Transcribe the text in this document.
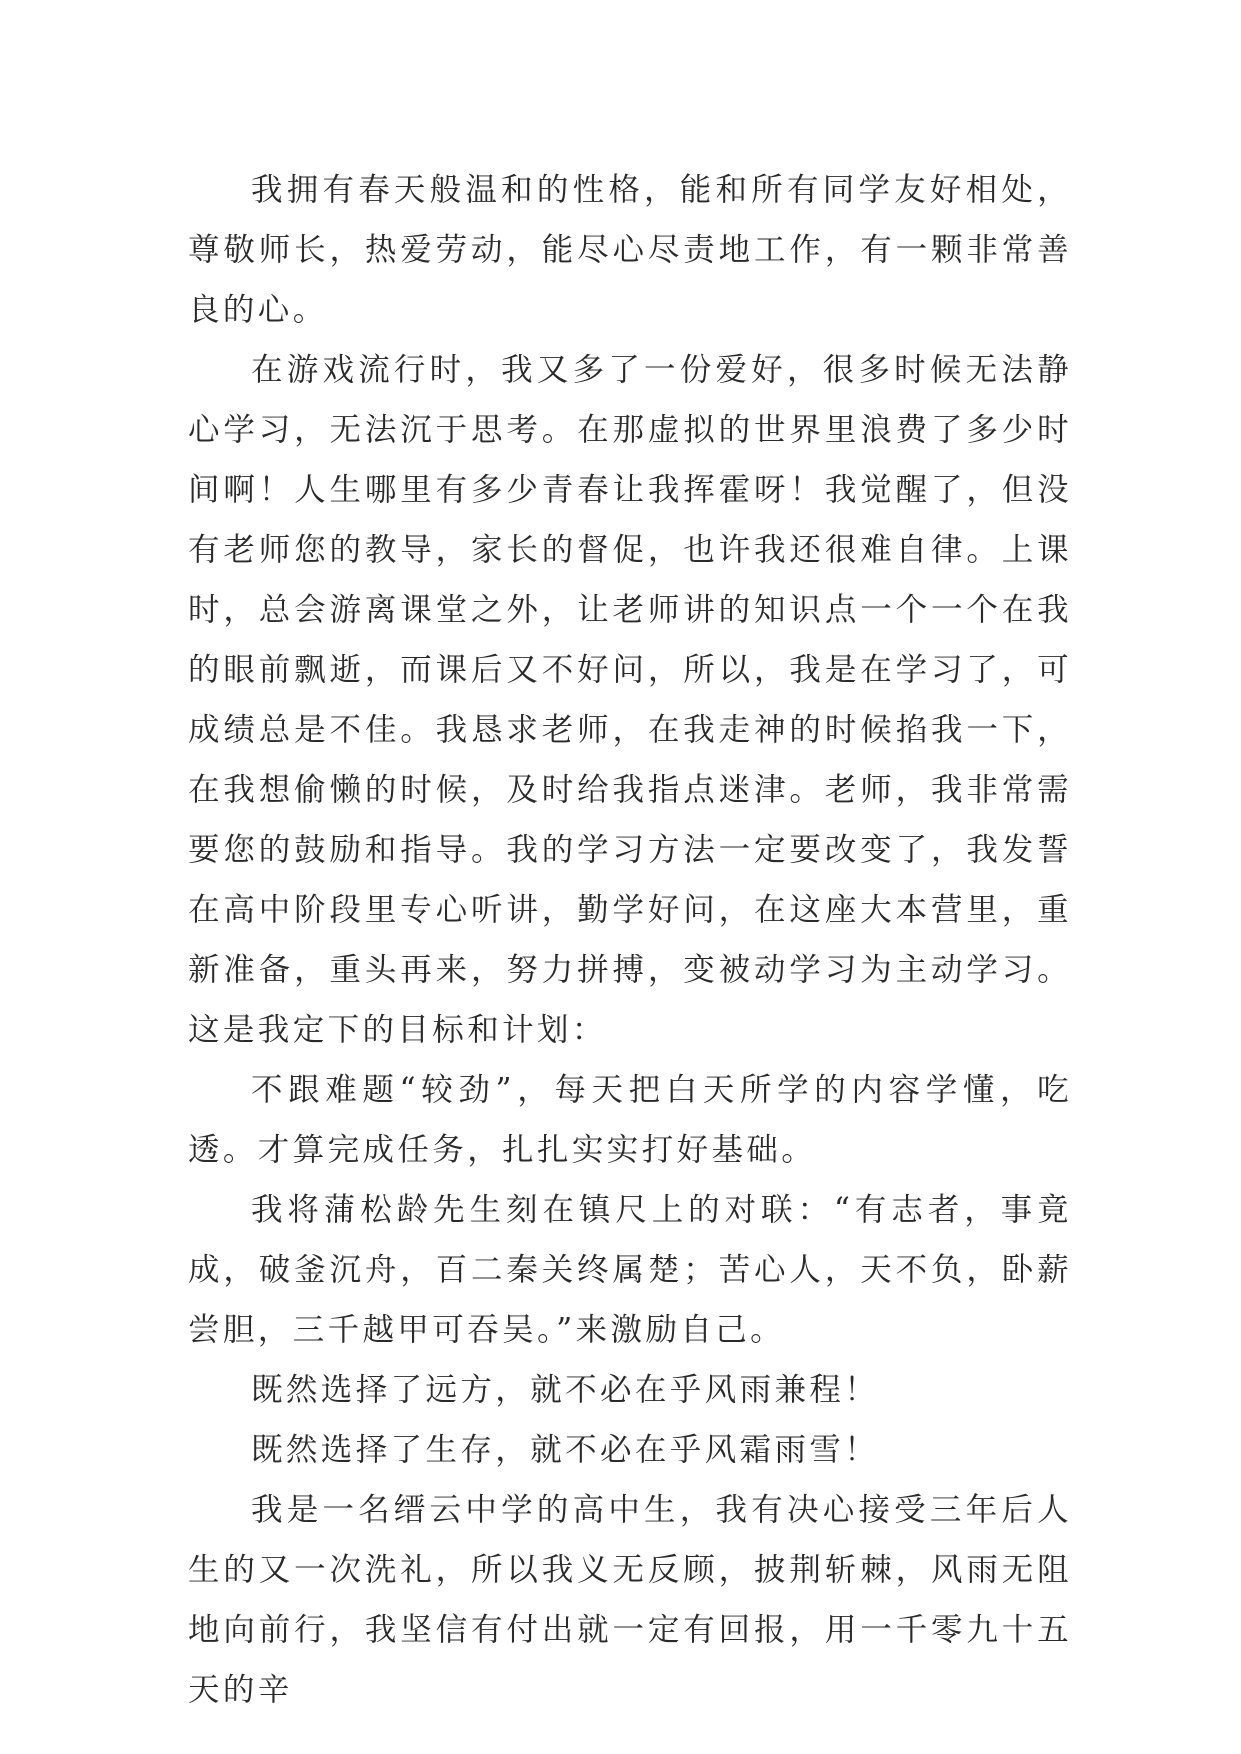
我拥有春天般温和的性格，能和所有同学友好相处，尊敬师长，热爱劳动，能尽心尽责地工作，有一颗非常善良的心。

在游戏流行时，我又多了一份爱好，很多时候无法静心学习，无法沉于思考。在那虚拟的世界里浪费了多少时间啊！人生哪里有多少青春让我挥霍呀！我觉醒了，但没有老师您的教导，家长的督促，也许我还很难自律。上课时，总会游离课堂之外，让老师讲的知识点一个一个在我的眼前飘逝，而课后又不好问，所以，我是在学习了，可成绩总是不佳。我恳求老师，在我走神的时候掐我一下，在我想偷懒的时候，及时给我指点迷津。老师，我非常需要您的鼓励和指导。我的学习方法一定要改变了，我发誓在高中阶段里专心听讲，勤学好问，在这座大本营里，重新准备，重头再来，努力拼搏，变被动学习为主动学习。这是我定下的目标和计划：

不跟难题“较劲”，每天把白天所学的内容学懂，吃透。才算完成任务，扎扎实实打好基础。

我将蒲松龄先生刻在镇尺上的对联：“有志者，事竟成，破釜沉舟，百二秦关终属楚；苦心人，天不负，卧薪尝胆，三千越甲可吞吴。”来激励自己。

既然选择了远方，就不必在乎风雨兼程！

既然选择了生存，就不必在乎风霜雨雪！

我是一名缙云中学的高中生，我有决心接受三年后人生的又一次洗礼，所以我义无反顾，披荆斩棘，风雨无阻地向前行，我坚信有付出就一定有回报，用一千零九十五天的辛
